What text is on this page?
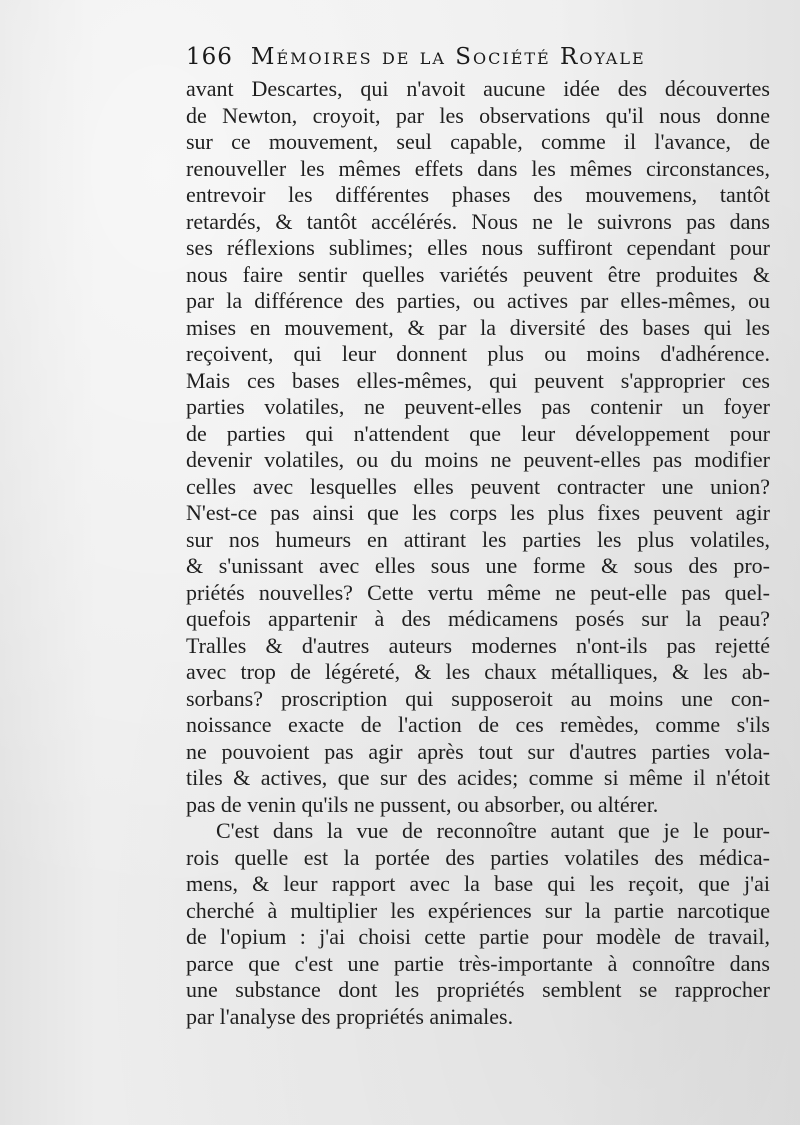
166 Mémoires de la Société Royale
avant Descartes, qui n'avoit aucune idée des découvertes
de Newton, croyoit, par les observations qu'il nous donne
sur ce mouvement, seul capable, comme il l'avance, de
renouveller les mêmes effets dans les mêmes circonstances,
entrevoir les différentes phases des mouvemens, tantôt
retardés, & tantôt accélérés. Nous ne le suivrons pas dans
ses réflexions sublimes; elles nous suffiront cependant pour
nous faire sentir quelles variétés peuvent être produites &
par la différence des parties, ou actives par elles-mêmes, ou
mises en mouvement, & par la diversité des bases qui les
reçoivent, qui leur donnent plus ou moins d'adhérence.
Mais ces bases elles-mêmes, qui peuvent s'approprier ces
parties volatiles, ne peuvent-elles pas contenir un foyer
de parties qui n'attendent que leur développement pour
devenir volatiles, ou du moins ne peuvent-elles pas modifier
celles avec lesquelles elles peuvent contracter une union?
N'est-ce pas ainsi que les corps les plus fixes peuvent agir
sur nos humeurs en attirant les parties les plus volatiles,
& s'unissant avec elles sous une forme & sous des pro-
priétés nouvelles? Cette vertu même ne peut-elle pas quel-
quefois appartenir à des médicamens posés sur la peau?
Tralles & d'autres auteurs modernes n'ont-ils pas rejetté
avec trop de légéreté, & les chaux métalliques, & les ab-
sorbans? proscription qui supposeroit au moins une con-
noissance exacte de l'action de ces remèdes, comme s'ils
ne pouvoient pas agir après tout sur d'autres parties vola-
tiles & actives, que sur des acides; comme si même il n'étoit
pas de venin qu'ils ne pussent, ou absorber, ou altérer.
C'est dans la vue de reconnoître autant que je le pour-
rois quelle est la portée des parties volatiles des médica-
mens, & leur rapport avec la base qui les reçoit, que j'ai
cherché à multiplier les expériences sur la partie narcotique
de l'opium : j'ai choisi cette partie pour modèle de travail,
parce que c'est une partie très-importante à connoître dans
une substance dont les propriétés semblent se rapprocher
par l'analyse des propriétés animales.
